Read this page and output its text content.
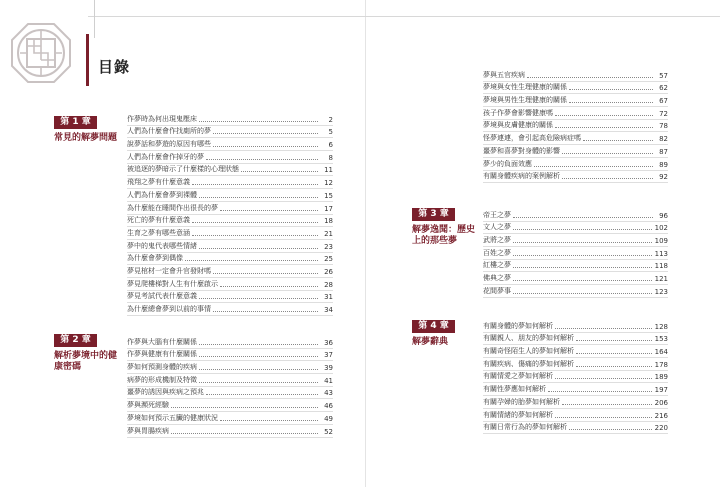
目錄
第 1 章
常見的解夢問題
作夢時為何出現鬼壓床	2
人們為什麼會作找廁所的夢	5
說夢話和夢遊的原因有哪些	6
人們為什麼會作掉牙的夢	8
被追逐的夢暗示了什麼樣的心理狀態	11
飛翔之夢有什麼意義	12
人們為什麼會夢到裸體	15
為什麼能在睡間作出很長的夢	17
死亡的夢有什麼意義	18
生育之夢有哪些意涵	21
夢中的鬼代表哪些情緒	23
為什麼會夢到偶像	25
夢見棺材一定會升官發財嗎	26
夢見爬樓梯對人生有什麼啟示	28
夢見考試代表什麼意義	31
為什麼總會夢到以前的事情	34
第 2 章
解析夢境中的健康密碼
作夢與大腦有什麼關係	36
作夢與健康有什麼關係	37
夢如何預測身體的疾病	39
病夢的形成機制及特徵	41
噩夢的誘因與疾病之預兆	43
夢與瀕死經驗	46
夢境如何預示五臟的健康狀況	49
夢與胃腸疾病	52
夢與五官疾病	57
夢境與女性生理健康的關係	62
夢境與男性生理健康的關係	67
孩子作夢會影響健康嗎	72
夢境與皮膚健康的關係	78
怪夢連連，會引起高危險病症嗎	82
噩夢和喜夢對身體的影響	87
夢少的負面效應	89
有關身體疾病的案例解析	92
第 3 章
解夢逸聞：歷史上的那些夢
帝王之夢	96
文人之夢	102
武將之夢	109
百姓之夢	113
紅樓之夢	118
佛典之夢	121
花間夢事	123
第 4 章
解夢辭典
有關身體的夢如何解析	128
有關親人、朋友的夢如何解析	153
有關奇怪陌生人的夢如何解析	164
有關疾病、傷痛的夢如何解析	178
有關情愛之夢如何解析	189
有關性夢應如何解析	197
有關孕婦的胎夢如何解析	206
有關情緒的夢如何解析	216
有關日常行為的夢如何解析	220
